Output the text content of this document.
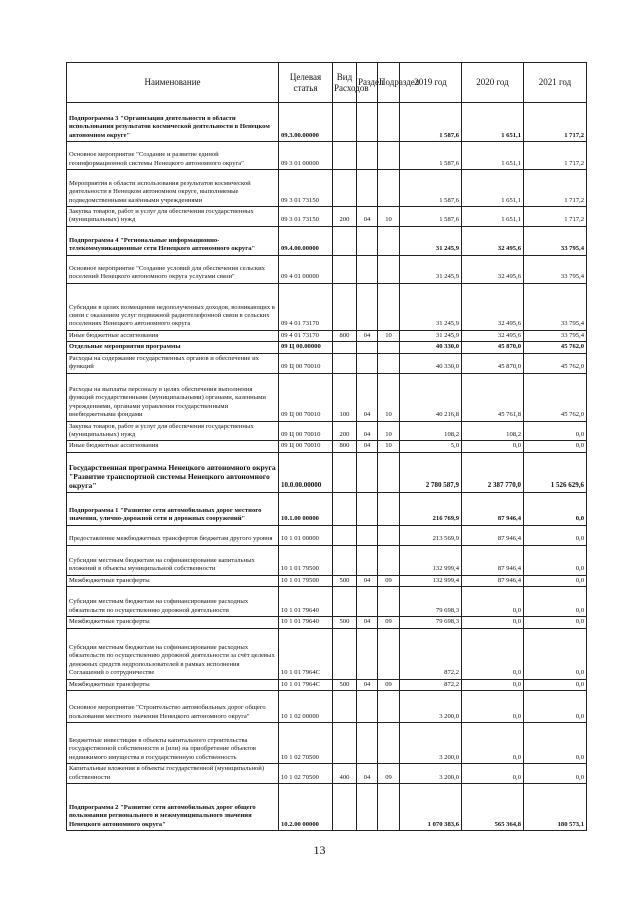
Наименование	Целевая статья	Вид Расходов	Раздел	Подраздел	2019 год	2020 год	2021 год
Подпрограмма 3 "Организация деятельности в области использования результатов космической деятельности в Ненецком автономном округе"	09.3.00.00000				1 587,6	1 651,1	1 717,2
Основное мероприятие "Создание и развитие единой геоинформационной системы Ненецкого автономного округа"	09 3 01 00000				1 587,6	1 651,1	1 717,2
Мероприятия в области использования результатов космической деятельности в Ненецком автономном округе, выполняемые подведомственными казёнными учреждениями	09 3 01 73150				1 587,6	1 651,1	1 717,2
Закупка товаров, работ и услуг для обеспечения государственных (муниципальных) нужд	09 3 01 73150	200	04	10	1 587,6	1 651,1	1 717,2
Подпрограмма 4 "Региональные информационно-телекоммуникационные сети Ненецкого автономного округа"	09.4.00.00000				31 245,9	32 495,6	33 795,4
Основное мероприятие "Создание условий для обеспечения сельских поселений Ненецкого автономного округа услугами связи"	09 4 01 00000				31 245,9	32 495,6	33 795,4
Субсидии в целях возмещения недополученных доходов, возникающих в связи с оказанием услуг подвижной радиотелефонной связи в сельских поселениях Ненецкого автономного округа	09 4 01 73170				31 245,9	32 495,6	33 795,4
Иные бюджетные ассигнования	09 4 01 73170	800	04	10	31 245,9	32 495,6	33 795,4
Отдельные мероприятия программы	09 Ц 00.00000				40 330,0	45 870,0	45 762,0
Расходы на содержание государственных органов и обеспечение их функций	09 Ц 00 70010				40 330,0	45 870,0	45 762,0
Расходы на выплаты персоналу в целях обеспечения выполнения функций государственными (муниципальными) органами, казенными учреждениями, органами управления государственными внебюджетными фондами	09 Ц 00 70010	100	04	10	40 216,8	45 761,8	45 762,0
Закупка товаров, работ и услуг для обеспечения государственных (муниципальных) нужд	09 Ц 00 70010	200	04	10	108,2	108,2	0,0
Иные бюджетные ассигнования	09 Ц 00 70010	800	04	10	5,0	0,0	0,0
Государственная программа Ненецкого автономного округа "Развитие транспортной системы Ненецкого автономного округа"	10.0.00.00000				2 780 587,9	2 387 770,0	1 526 629,6
Подпрограмма 1 "Развитие сети автомобильных дорог местного значения, улично-дорожной сети и дорожных сооружений"	10.1.00 00000				216 769,9	87 946,4	0,0
Предоставление межбюджетных трансфертов бюджетам другого уровня	10 1 01 00000				213 569,9	87 946,4	0,0
Субсидии местным бюджетам на софинансирование капитальных вложений в объекты муниципальной собственности	10 1 01 79500				132 999,4	87 946,4	0,0
Межбюджетные трансферты	10 1 01 79500	500	04	09	132 999,4	87 946,4	0,0
Субсидии местным бюджетам на софинансирование расходных обязательств по осуществлению дорожной деятельности	10 1 01 79640				79 698,3	0,0	0,0
Межбюджетные трансферты	10 1 01 79640	500	04	09	79 698,3	0,0	0,0
Субсидии местным бюджетам на софинансирование расходных обязательств по осуществлению дорожной деятельности за счёт целевых денежных средств недропользователей в рамках исполнения Соглашений о сотрудничестве	10 1 01 7964С				872,2	0,0	0,0
Межбюджетные трансферты	10 1 01 7964С	500	04	09	872,2	0,0	0,0
Основное мероприятие "Строительство автомобильных дорог общего пользования местного значения Ненецкого автономного округа"	10 1 02 00000				3 200,0	0,0	0,0
Бюджетные инвестиции в объекты капитального строительства государственной собственности и (или) на приобретение объектов недвижимого имущества в государственную собственность	10 1 02 70500				3 200,0	0,0	0,0
Капитальные вложения в объекты государственной (муниципальной) собственности	10 1 02 70500	400	04	09	3 200,0	0,0	0,0
Подпрограмма 2 "Развитие сети автомобильных дорог общего пользования регионального и межмуниципального значения Ненецкого автономного округа"	10.2.00 00000				1 070 383,6	565 364,8	180 573,1
13
